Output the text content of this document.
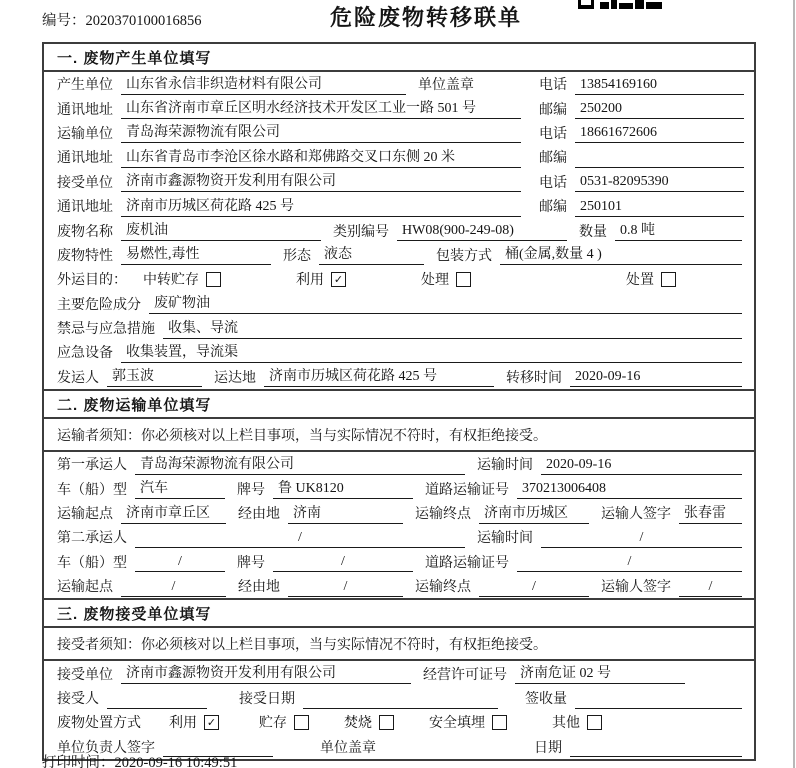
编号：2020370100016856	危险废物转移联单
一. 废物产生单位填写
产生单位 山东省永信非织造材料有限公司	单位盖章	电话 13854169160
通讯地址 山东省济南市章丘区明水经济技术开发区工业一路 501 号	邮编 250200
运输单位 青岛海荣源物流有限公司	电话 18661672606
通讯地址 山东省青岛市李沧区徐水路和郑佛路交叉口东侧 20 米	邮编
接受单位 济南市鑫源物资开发利用有限公司	电话 0531-82095390
通讯地址 济南市历城区荷花路 425 号	邮编 250101
废物名称 废机油	类别编号 HW08(900-249-08)	数量 0.8 吨
废物特性 易燃性,毒性	形态 液态	包装方式 桶(金属,数量 4 )
外运目的： 中转贮存	利用 ✓	处理	处置
主要危险成分 废矿物油
禁忌与应急措施 收集、导流
应急设备 收集装置，导流渠
发运人 郭玉波	运达地 济南市历城区荷花路 425 号	转移时间 2020-09-16
二. 废物运输单位填写
运输者须知：你必须核对以上栏目事项，当与实际情况不符时，有权拒绝接受。
第一承运人 青岛海荣源物流有限公司	运输时间 2020-09-16
车（船）型 汽车	牌号 鲁 UK8120	道路运输证号 370213006408
运输起点 济南市章丘区	经由地 济南	运输终点 济南市历城区	运输人签字 张春雷
第二承运人	/	运输时间	/
车（船）型	/	牌号	/	道路运输证号	/
运输起点	/	经由地	/	运输终点	/	运输人签字	/
三. 废物接受单位填写
接受者须知：你必须核对以上栏目事项，当与实际情况不符时，有权拒绝接受。
接受单位 济南市鑫源物资开发利用有限公司	经营许可证号 济南危证 02 号
接受人	接受日期	签收量
废物处置方式 利用 ✓	贮存	焚烧	安全填埋	其他
单位负责人签字	单位盖章	日期
打印时间：2020-09-16 10:49:51
